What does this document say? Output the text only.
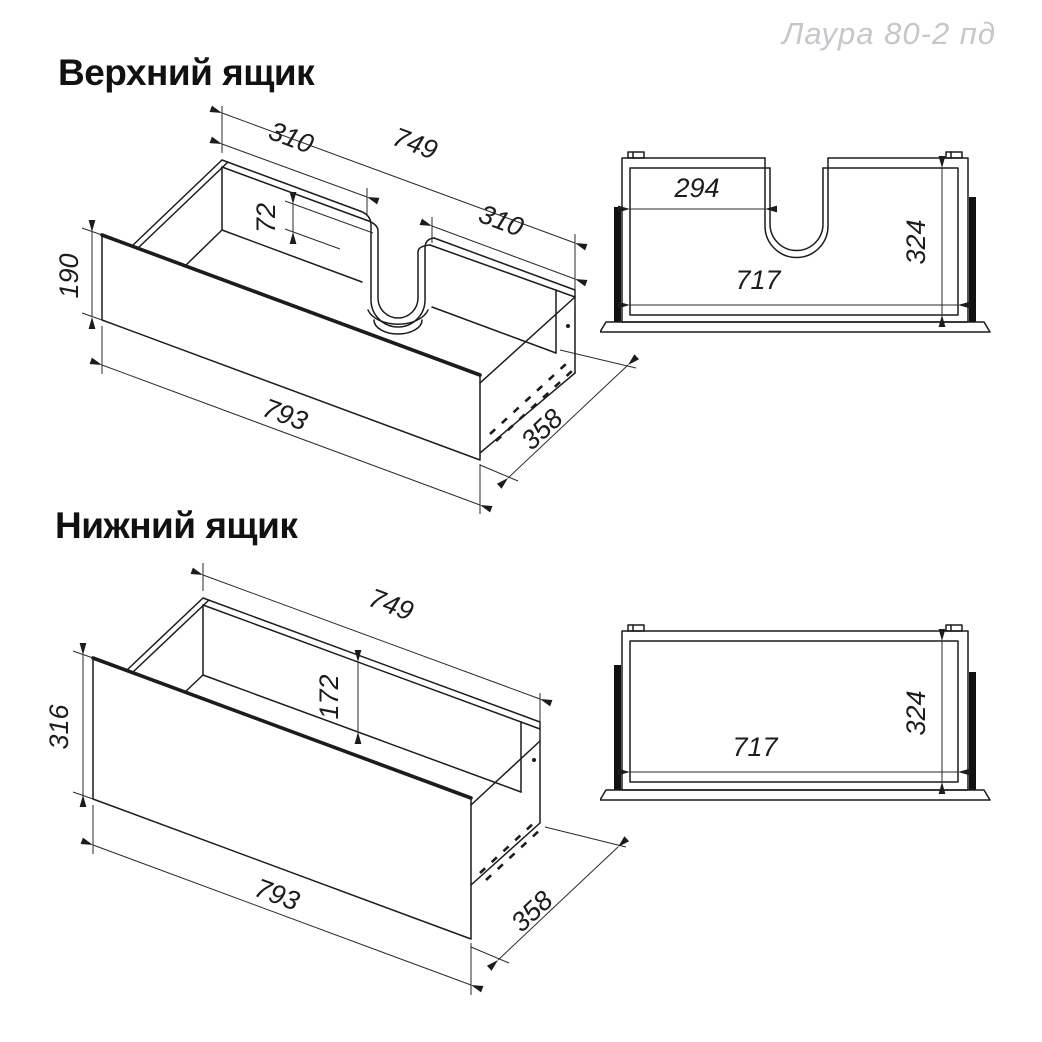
Лаура 80-2 пд
Верхний ящик
Нижний ящик
190
749
310
310
72
793	358
294
717
324
749
172
316
793	358
717
324
